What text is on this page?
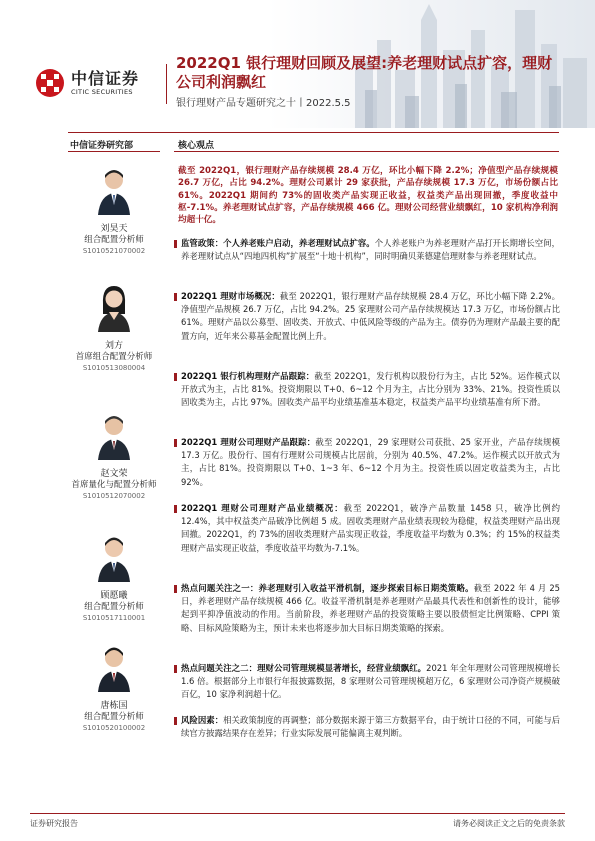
中信证券
CITIC SECURITIES
2022Q1 银行理财回顾及展望:养老理财试点扩容，理财公司利润飘红
银行理财产品专题研究之十丨2022.5.5
中信证券研究部	核心观点
刘昊天
组合配置分析师
S1010521070002
刘方
首席组合配置分析师
S1010513080004
赵文荣
首席量化与配置分析师
S1010512070002
顾愿曦
组合配置分析师
S1010517110001
唐栋国
组合配置分析师
S1010520100002
截至 2022Q1，银行理财产品存续规模 28.4 万亿，环比小幅下降 2.2%；净值型产品存续规模 26.7 万亿，占比 94.2%。理财公司累计 29 家获批，产品存续规模 17.3 万亿，市场份额占比 61%。2022Q1 期间约 73%的固收类产品实现正收益，权益类产品出现回撤，季度收益中枢-7.1%。养老理财试点扩容，产品存续规模 466 亿。理财公司经营业绩飘红，10 家机构净利润均超十亿。
监管政策：个人养老账户启动，养老理财试点扩容。个人养老账户为养老理财产品打开长期增长空间，养老理财试点从“四地四机构”扩展至“十地十机构”，同时明确贝莱德建信理财参与养老理财试点。
2022Q1 理财市场概况：截至 2022Q1，银行理财产品存续规模 28.4 万亿，环比小幅下降 2.2%。净值型产品规模 26.7 万亿，占比 94.2%。25 家理财公司产品存续规模达 17.3 万亿，市场份额占比 61%。理财产品以公募型、固收类、开放式、中低风险等级的产品为主。债券仍为理财产品最主要的配置方向，近年来公募基金配置比例上升。
2022Q1 银行机构理财产品跟踪：截至 2022Q1，发行机构以股份行为主，占比 52%。运作模式以开放式为主，占比 81%。投资期限以 T+0、6~12 个月为主，占比分别为 33%、21%。投资性质以固收类为主，占比 97%。固收类产品平均业绩基准基本稳定，权益类产品平均业绩基准有所下滑。
2022Q1 理财公司理财产品跟踪：截至 2022Q1，29 家理财公司获批、25 家开业，产品存续规模 17.3 万亿。股份行、国有行理财公司规模占比居前，分别为 40.5%、47.2%。运作模式以开放式为主，占比 81%。投资期限以 T+0、1~3 年、6~12 个月为主。投资性质以固定收益类为主，占比 92%。
2022Q1 理财公司理财产品业绩概况：截至 2022Q1，破净产品数量 1458 只，破净比例约 12.4%，其中权益类产品破净比例超 5 成。固收类理财产品业绩表现较为稳健，权益类理财产品出现回撤。2022Q1，约 73%的固收类理财产品实现正收益，季度收益平均数为 0.3%；约 15%的权益类理财产品实现正收益，季度收益平均数为-7.1%。
热点问题关注之一：养老理财引入收益平滑机制，逐步探索目标日期类策略。截至 2022 年 4 月 25 日，养老理财产品存续规模 466 亿。收益平滑机制是养老理财产品最具代表性和创新性的设计，能够起到平抑净值波动的作用。当前阶段，养老理财产品的投资策略主要以股债恒定比例策略、CPPI 策略、目标风险策略为主，预计未来也将逐步加大目标日期类策略的探索。
热点问题关注之二：理财公司管理规模显著增长，经营业绩飘红。2021 年全年理财公司管理规模增长 1.6 倍。根据部分上市银行年报披露数据，8 家理财公司管理规模超万亿，6 家理财公司净资产规模破百亿，10 家净利润超十亿。
风险因素：相关政策制度的再调整；部分数据来源于第三方数据平台，由于统计口径的不同，可能与后续官方披露结果存在差异；行业实际发展可能偏离主观判断。
证券研究报告	请务必阅读正文之后的免责条款
